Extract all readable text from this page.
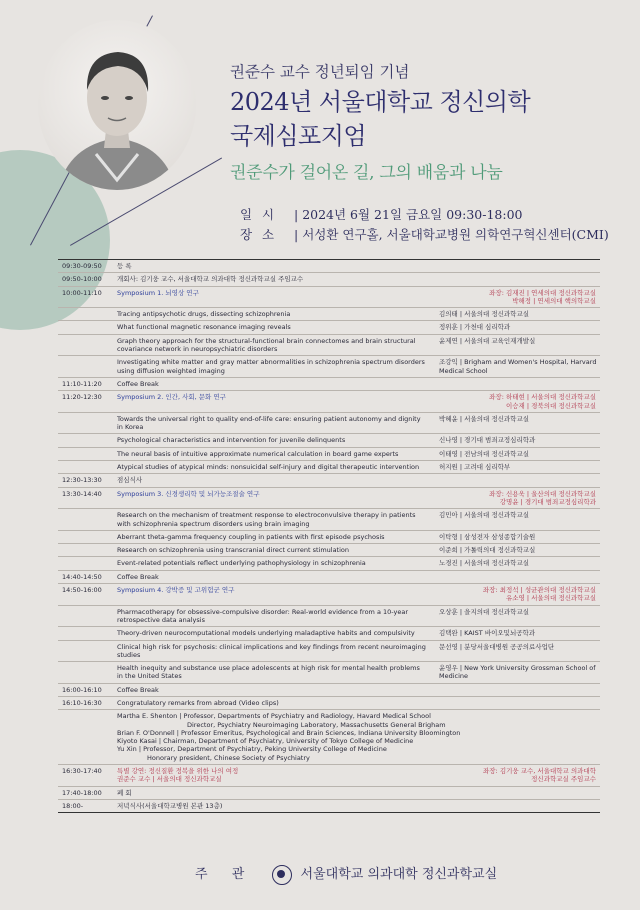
권준수 교수 정년퇴임 기념
2024년 서울대학교 정신의학
국제심포지엄
권준수가 걸어온 길, 그의 배움과 나눔
일 시 | 2024년 6월 21일 금요일 09:30-18:00
장 소 | 서성환 연구홀, 서울대학교병원 의학연구혁신센터(CMI)
09:30-09:50	등 록
09:50-10:00	개회사: 김기웅 교수, 서울대학교 의과대학 정신과학교실 주임교수
10:00-11:10	Symposium 1. 뇌영상 연구	좌장: 김재진 | 연세의대 정신과학교실
박해정 | 연세의대 핵의학교실
Tracing antipsychotic drugs, dissecting schizophrenia	김의태 | 서울의대 정신과학교실
What functional magnetic resonance imaging reveals	정위훈 | 가천대 심리학과
Graph theory approach for the structural-functional brain connectomes and brain structural covariance network in neuropsychiatric disorders
윤제연 | 서울의대 교육인재개발실
Investigating white matter and gray matter abnormalities in schizophrenia spectrum disorders using diffusion weighted imaging
조강익 | Brigham and Women's Hospital, Harvard Medical School
11:10-11:20	Coffee Break
11:20-12:30	Symposium 2. 인간, 사회, 문화 연구	좌장: 하태현 | 서울의대 정신과학교실
이승재 | 경북의대 정신과학교실
Towards the universal right to quality end-of-life care: ensuring patient autonomy and dignity in Korea
박혜윤 | 서울의대 정신과학교실
Psychological characteristics and intervention for juvenile delinquents	신나영 | 경기대 범죄교정심리학과
The neural basis of intuitive approximate numerical calculation in board game experts	이태영 | 전남의대 정신과학교실
Atypical studies of atypical minds: nonsuicidal self-injury and digital therapeutic intervention	허지원 | 고려대 심리학부
12:30-13:30	점심식사
13:30-14:40	Symposium 3. 신경생리학 및 뇌가능조절술 연구	좌장: 신용욱 | 울산의대 정신과학교실
강명윤 | 경기대 범죄교정심리학과
Research on the mechanism of treatment response to electroconvulsive therapy in patients with schizophrenia spectrum disorders using brain imaging
김민아 | 서울의대 정신과학교실
Aberrant theta-gamma frequency coupling in patients with first episode psychosis	이탁형 | 삼성전자 삼성종합기술원
Research on schizophrenia using transcranial direct current stimulation	이준희 | 가톨릭의대 정신과학교실
Event-related potentials reflect underlying pathophysiology in schizophrenia	노경진 | 서울의대 정신과학교실
14:40-14:50	Coffee Break
14:50-16:00	Symposium 4. 강박증 및 고위험군 연구	좌장: 최정석 | 성균관의대 정신과학교실
유소영 | 서울의대 정신과학교실
Pharmacotherapy for obsessive-compulsive disorder: Real-world evidence from a 10-year retrospective data analysis
오상훈 | 을지의대 정신과학교실
Theory-driven neurocomputational models underlying maladaptive habits and compulsivity	김택완 | KAIST 바이오및뇌공학과
Clinical high risk for psychosis: clinical implications and key findings from recent neuroimaging studies
문선영 | 분당서울대병원 공공의료사업단
Health inequity and substance use place adolescents at high risk for mental health problems in the United States
윤영우 | New York University Grossman School of Medicine
16:00-16:10	Coffee Break
16:10-16:30	Congratulatory remarks from abroad (Video clips)
Martha E. Shenton | Professor, Departments of Psychiatry and Radiology, Havard Medical School
Director, Psychiatry Neuroimaging Laboratory, Massachusetts General Brigham
Brian F. O'Donnell | Professor Emeritus, Psychological and Brain Sciences, Indiana University Bloomington
Kiyoto Kasai | Chairman, Department of Psychiatry, University of Tokyo College of Medicine
Yu Xin | Professor, Department of Psychiatry, Peking University College of Medicine
Honorary president, Chinese Society of Psychiatry
16:30-17:40	특별 강연: 정신질환 정복을 위한 나의 여정
권준수 교수 | 서울의대 정신과학교실
좌장: 김기웅 교수, 서울대학교 의과대학
정신과학교실 주임교수
17:40-18:00	폐 회
18:00-	저녁식사(서울대학교병원 본관 13층)
주 관	서울대학교 의과대학 정신과학교실
